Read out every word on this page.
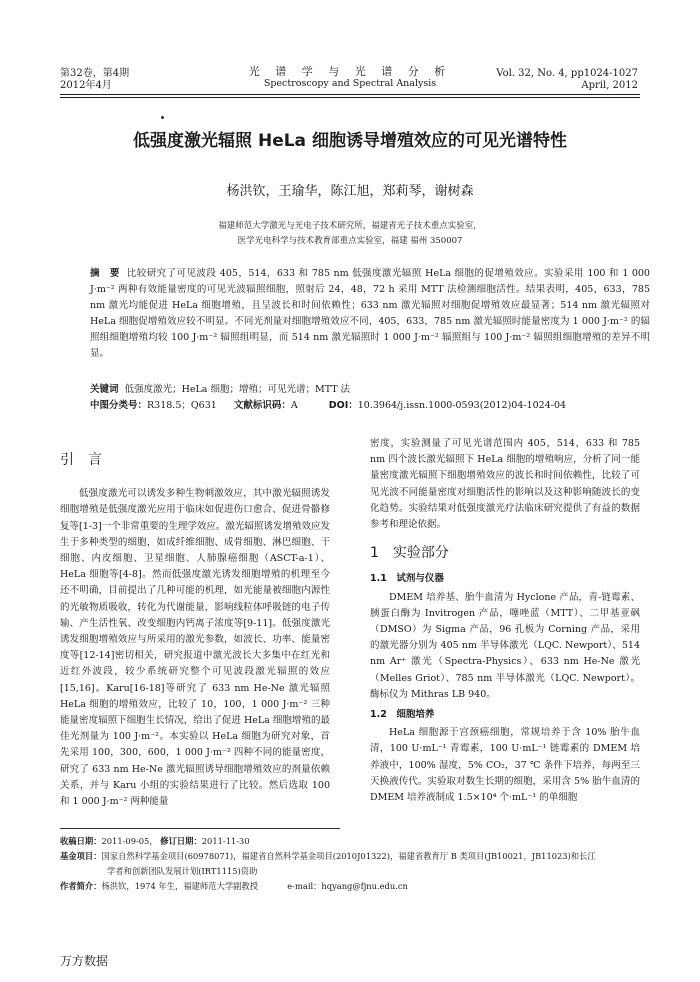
第32卷，第4期
2012年4月
光 谱 学 与 光 谱 分 析
Spectroscopy and Spectral Analysis
Vol. 32, No. 4, pp1024-1027
April, 2012
低强度激光辐照 HeLa 细胞诱导增殖效应的可见光谱特性
杨洪钦，王瑜华，陈江旭，郑莉琴，谢树森
福建师范大学激光与光电子技术研究所，福建省光子技术重点实验室，
医学光电科学与技术教育部重点实验室，福建 福州 350007
摘　要 比较研究了可见波段 405，514，633 和 785 nm 低强度激光辐照 HeLa 细胞的促增殖效应。实验采用 100 和 1 000 J·m⁻² 两种有效能量密度的可见光波辐照细胞，照射后 24，48，72 h 采用 MTT 法检测细胞活性。结果表明，405，633，785 nm 激光均能促进 HeLa 细胞增殖，且呈波长和时间依赖性；633 nm 激光辐照对细胞促增殖效应最显著；514 nm 激光辐照对 HeLa 细胞促增殖效应较不明显。不同光剂量对细胞增殖效应不同，405，633，785 nm 激光辐照时能量密度为 1 000 J·m⁻² 的辐照组细胞增殖均较 100 J·m⁻² 辐照组明显，而 514 nm 激光辐照时 1 000 J·m⁻² 辐照组与 100 J·m⁻² 辐照组细胞增殖的差异不明显。
关键词 低强度激光；HeLa 细胞；增殖；可见光谱；MTT 法
中图分类号：R318.5；Q631 文献标识码：A	DOI：10.3964/j.issn.1000-0593(2012)04-1024-04
引　言

低强度激光可以诱发多种生物刺激效应，其中激光辐照诱发细胞增殖是低强度激光应用于临床如促进伤口愈合、促进骨骼修复等[1-3]一个非常重要的生理学效应。激光辐照诱发增殖效应发生于多种类型的细胞，如成纤维细胞、成骨细胞、淋巴细胞、干细胞、内皮细胞、卫星细胞、人肺腺癌细胞（ASCT-a-1）、HeLa 细胞等[4-8]。然而低强度激光诱发细胞增殖的机理至今还不明确，目前提出了几种可能的机理，如光能量被细胞内源性的光敏物质吸收，转化为代谢能量，影响线粒体呼吸链的电子传输、产生活性氧、改变细胞内钙离子浓度等[9-11]。低强度激光诱发细胞增殖效应与所采用的激光参数，如波长、功率、能量密度等[12-14]密切相关，研究报道中激光波长大多集中在红光和近红外波段，较少系统研究整个可见波段激光辐照的效应[15,16]。Karu[16-18]等研究了 633 nm He-Ne 激光辐照 HeLa 细胞的增殖效应，比较了 10，100，1 000 J·m⁻² 三种能量密度辐照下细胞生长情况，给出了促进 HeLa 细胞增殖的最佳光剂量为 100 J·m⁻²。本实验以 HeLa 细胞为研究对象，首先采用 100，300，600，1 000 J·m⁻² 四种不同的能量密度，研究了 633 nm He-Ne 激光辐照诱导细胞增殖效应的剂量依赖关系，并与 Karu 小组的实验结果进行了比较。然后选取 100 和 1 000 J·m⁻² 两种能量

密度，实验测量了可见光谱范围内 405，514，633 和 785 nm 四个波长激光辐照下 HeLa 细胞的增殖响应，分析了同一能量密度激光辐照下细胞增殖效应的波长和时间依赖性，比较了可见光波不同能量密度对细胞活性的影响以及这种影响随波长的变化趋势。实验结果对低强度激光疗法临床研究提供了有益的数据参考和理论依据。

1　实验部分
1.1　试剂与仪器

DMEM 培养基、胎牛血清为 Hyclone 产品，青-链霉素、胰蛋白酶为 Invitrogen 产品，噻唑蓝（MTT）、二甲基亚砜（DMSO）为 Sigma 产品，96 孔板为 Corning 产品，采用的激光器分别为 405 nm 半导体激光（LQC. Newport）、514 nm Ar⁺ 激光（Spectra-Physics）、633 nm He-Ne 激光（Melles Griot）、785 nm 半导体激光（LQC. Newport）。酶标仪为 Mithras LB 940。

1.2　细胞培养

HeLa 细胞源于宫颈癌细胞，常规培养于含 10% 胎牛血清，100 U·mL⁻¹ 青霉素，100 U·mL⁻¹ 链霉素的 DMEM 培养液中，100% 湿度，5% CO₂，37 ℃ 条件下培养，每两至三天换液传代。实验取对数生长期的细胞，采用含 5% 胎牛血清的 DMEM 培养液制成 1.5×10⁴ 个·mL⁻¹ 的单细胞

收稿日期：2011-09-05， 修订日期：2011-11-30
基金项目：国家自然科学基金项目(60978071)，福建省自然科学基金项目(2010J01322)，福建省教育厅 B 类项目(JB10021，JB11023)和长江
学者和创新团队发展计划(IRT1115)资助
作者简介：杨洪钦，1974 年生，福建师范大学副教授	e-mail：hqyang@fjnu.edu.cn
万方数据
